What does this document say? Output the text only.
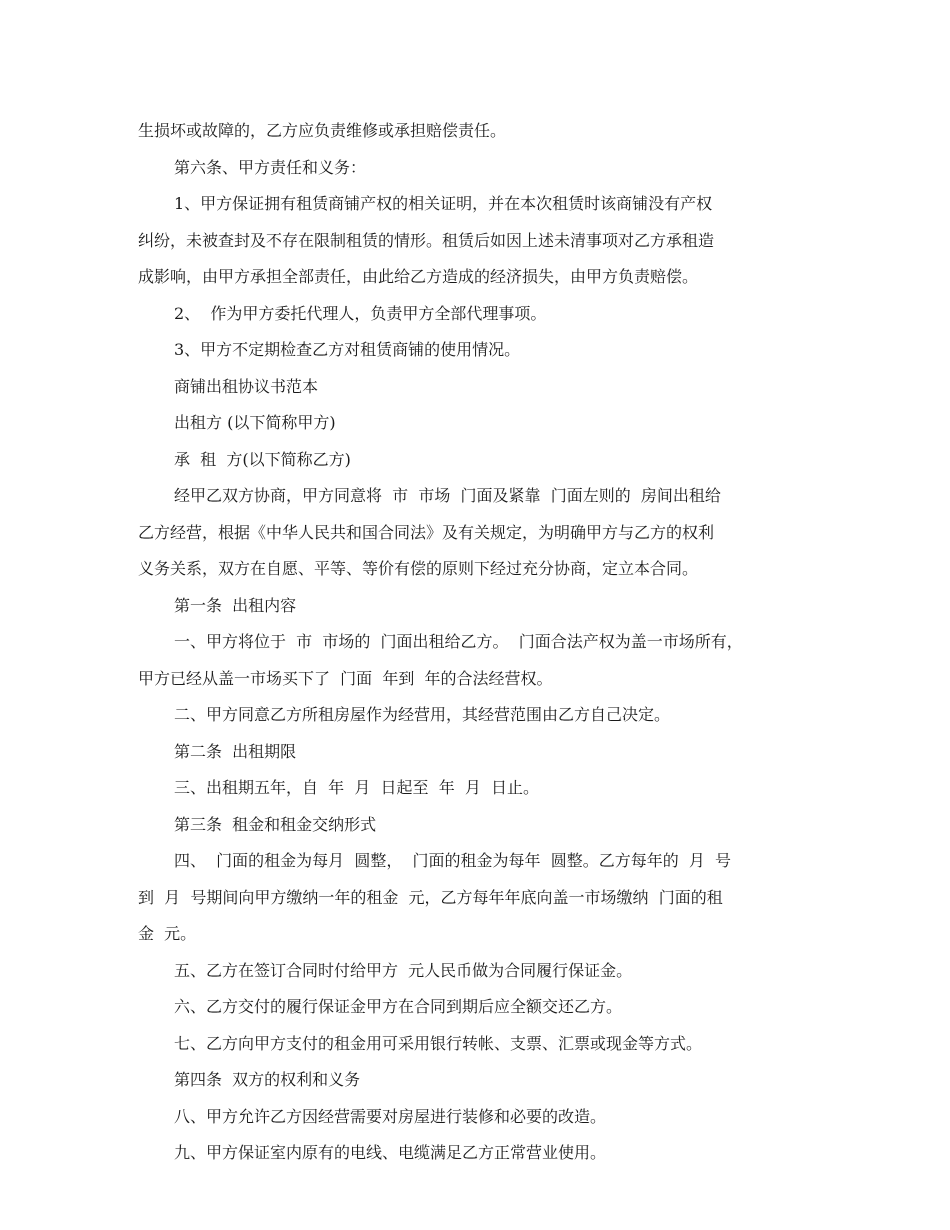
生损坏或故障的，乙方应负责维修或承担赔偿责任。
第六条、甲方责任和义务：
1、甲方保证拥有租赁商铺产权的相关证明，并在本次租赁时该商铺没有产权
纠纷，未被查封及不存在限制租赁的情形。租赁后如因上述未清事项对乙方承租造
成影响，由甲方承担全部责任，由此给乙方造成的经济损失，由甲方负责赔偿。
2、  作为甲方委托代理人，负责甲方全部代理事项。
3、甲方不定期检查乙方对租赁商铺的使用情况。
商铺出租协议书范本
出租方 (以下简称甲方)
承  租  方(以下简称乙方)
经甲乙双方协商，甲方同意将  市  市场  门面及紧靠  门面左则的  房间出租给
乙方经营，根据《中华人民共和国合同法》及有关规定，为明确甲方与乙方的权利
义务关系，双方在自愿、平等、等价有偿的原则下经过充分协商，定立本合同。
第一条  出租内容
一、甲方将位于  市  市场的  门面出租给乙方。  门面合法产权为盖一市场所有，
甲方已经从盖一市场买下了  门面  年到  年的合法经营权。
二、甲方同意乙方所租房屋作为经营用，其经营范围由乙方自己决定。
第二条  出租期限
三、出租期五年，自  年  月  日起至  年  月  日止。
第三条  租金和租金交纳形式
四、  门面的租金为每月  圆整，  门面的租金为每年  圆整。乙方每年的  月  号
到  月  号期间向甲方缴纳一年的租金  元，乙方每年年底向盖一市场缴纳  门面的租
金  元。
五、乙方在签订合同时付给甲方  元人民币做为合同履行保证金。
六、乙方交付的履行保证金甲方在合同到期后应全额交还乙方。
七、乙方向甲方支付的租金用可采用银行转帐、支票、汇票或现金等方式。
第四条  双方的权利和义务
八、甲方允许乙方因经营需要对房屋进行装修和必要的改造。
九、甲方保证室内原有的电线、电缆满足乙方正常营业使用。
